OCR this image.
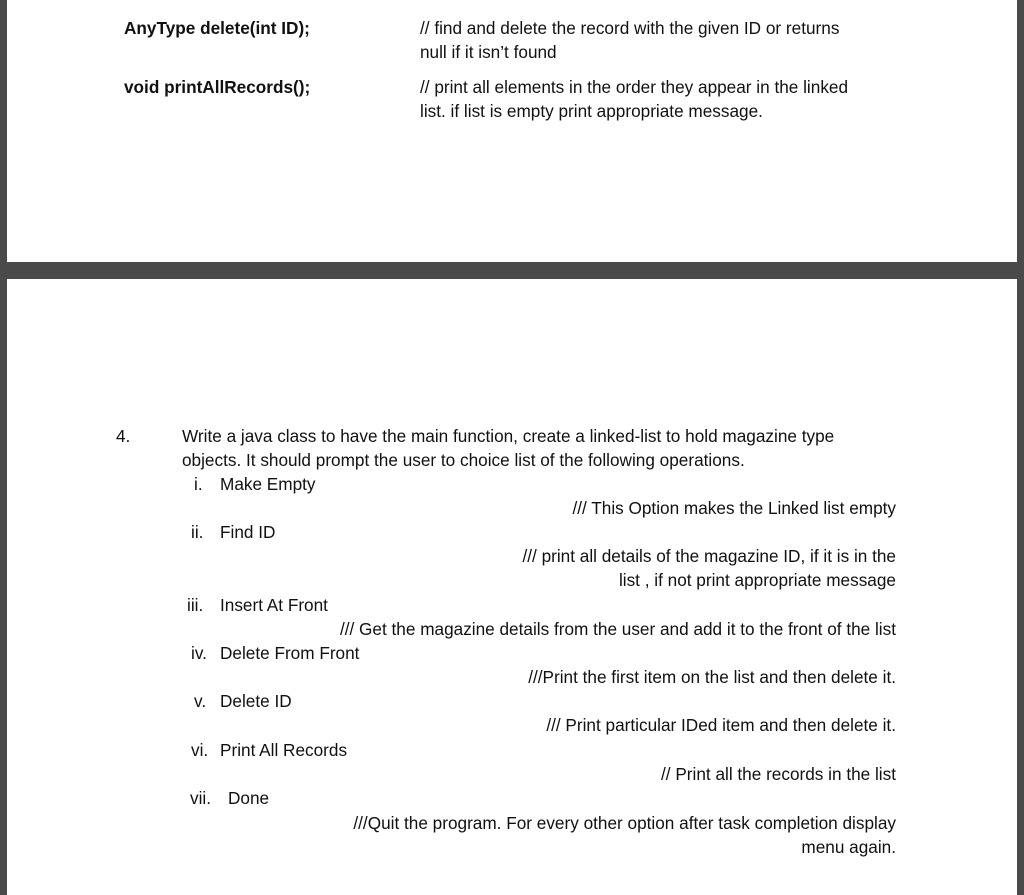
AnyType delete(int ID);	// find and delete the record with the given ID or returns
null if it isn’t found
void printAllRecords();	// print all elements in the order they appear in the linked
list. if list is empty print appropriate message.
4.	Write a java class to have the main function, create a linked-list to hold magazine type
objects. It should prompt the user to choice list of the following operations.
i. Make Empty
/// This Option makes the Linked list empty
ii. Find ID
/// print all details of the magazine ID, if it is in the
list , if not print appropriate message
iii. Insert At Front
/// Get the magazine details from the user and add it to the front of the list
iv. Delete From Front
///Print the first item on the list and then delete it.
v. Delete ID
/// Print particular IDed item and then delete it.
vi. Print All Records
// Print all the records in the list
vii. Done
///Quit the program. For every other option after task completion display
menu again.
